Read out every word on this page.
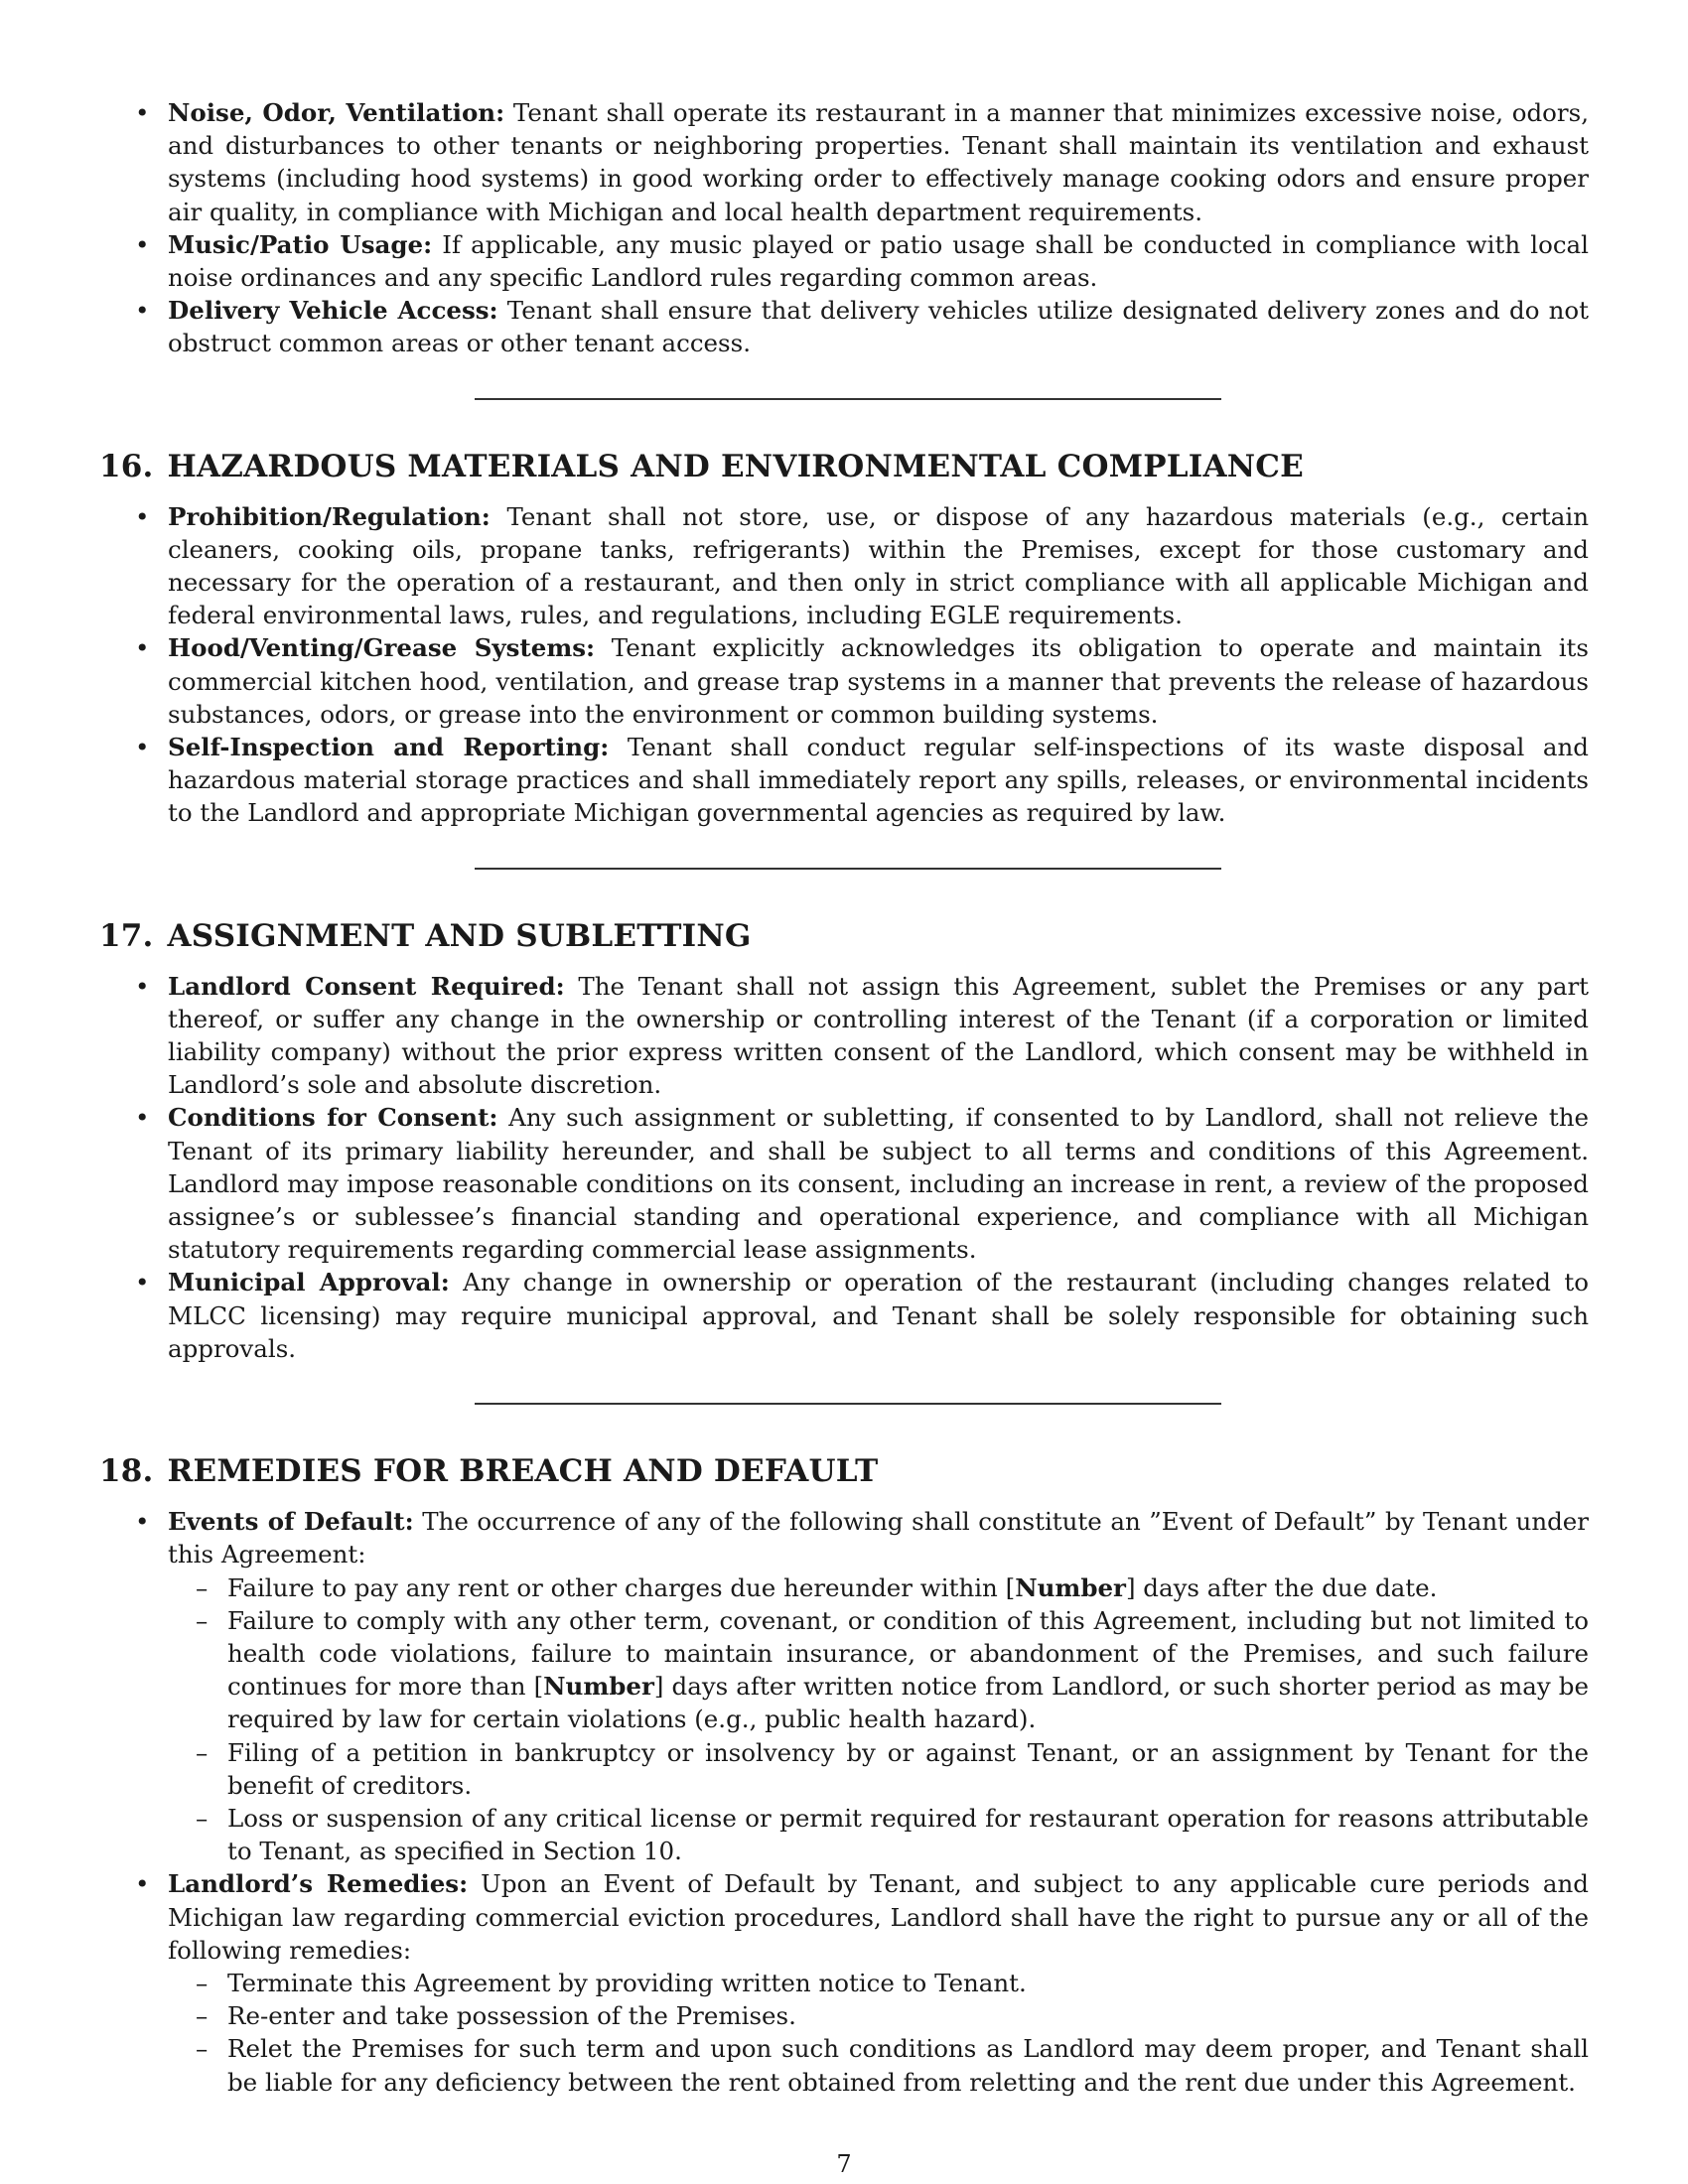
• Noise, Odor, Ventilation: Tenant shall operate its restaurant in a manner that minimizes excessive noise, odors, and disturbances to other tenants or neighboring properties. Tenant shall maintain its ventilation and exhaust systems (including hood systems) in good working order to effectively manage cooking odors and ensure proper air quality, in compliance with Michigan and local health department requirements.
• Music/Patio Usage: If applicable, any music played or patio usage shall be conducted in compliance with local noise ordinances and any specific Landlord rules regarding common areas.
• Delivery Vehicle Access: Tenant shall ensure that delivery vehicles utilize designated delivery zones and do not obstruct common areas or other tenant access.
16. HAZARDOUS MATERIALS AND ENVIRONMENTAL COMPLIANCE
• Prohibition/Regulation: Tenant shall not store, use, or dispose of any hazardous materials (e.g., certain cleaners, cooking oils, propane tanks, refrigerants) within the Premises, except for those customary and necessary for the operation of a restaurant, and then only in strict compliance with all applicable Michigan and federal environmental laws, rules, and regulations, including EGLE requirements.
• Hood/Venting/Grease Systems: Tenant explicitly acknowledges its obligation to operate and maintain its commercial kitchen hood, ventilation, and grease trap systems in a manner that prevents the release of hazardous substances, odors, or grease into the environment or common building systems.
• Self-Inspection and Reporting: Tenant shall conduct regular self-inspections of its waste disposal and hazardous material storage practices and shall immediately report any spills, releases, or environmental incidents to the Landlord and appropriate Michigan governmental agencies as required by law.
17. ASSIGNMENT AND SUBLETTING
• Landlord Consent Required: The Tenant shall not assign this Agreement, sublet the Premises or any part thereof, or suffer any change in the ownership or controlling interest of the Tenant (if a corporation or limited liability company) without the prior express written consent of the Landlord, which consent may be withheld in Landlord’s sole and absolute discretion.
• Conditions for Consent: Any such assignment or subletting, if consented to by Landlord, shall not relieve the Tenant of its primary liability hereunder, and shall be subject to all terms and conditions of this Agreement. Landlord may impose reasonable conditions on its consent, including an increase in rent, a review of the proposed assignee’s or sublessee’s financial standing and operational experience, and compliance with all Michigan statutory requirements regarding commercial lease assignments.
• Municipal Approval: Any change in ownership or operation of the restaurant (including changes related to MLCC licensing) may require municipal approval, and Tenant shall be solely responsible for obtaining such approvals.
18. REMEDIES FOR BREACH AND DEFAULT
• Events of Default: The occurrence of any of the following shall constitute an ”Event of Default” by Tenant under this Agreement:
– Failure to pay any rent or other charges due hereunder within [Number] days after the due date.
– Failure to comply with any other term, covenant, or condition of this Agreement, including but not limited to health code violations, failure to maintain insurance, or abandonment of the Premises, and such failure continues for more than [Number] days after written notice from Landlord, or such shorter period as may be required by law for certain violations (e.g., public health hazard).
– Filing of a petition in bankruptcy or insolvency by or against Tenant, or an assignment by Tenant for the benefit of creditors.
– Loss or suspension of any critical license or permit required for restaurant operation for reasons attributable to Tenant, as specified in Section 10.
• Landlord’s Remedies: Upon an Event of Default by Tenant, and subject to any applicable cure periods and Michigan law regarding commercial eviction procedures, Landlord shall have the right to pursue any or all of the following remedies:
– Terminate this Agreement by providing written notice to Tenant.
– Re-enter and take possession of the Premises.
– Relet the Premises for such term and upon such conditions as Landlord may deem proper, and Tenant shall be liable for any deficiency between the rent obtained from reletting and the rent due under this Agreement.
7
